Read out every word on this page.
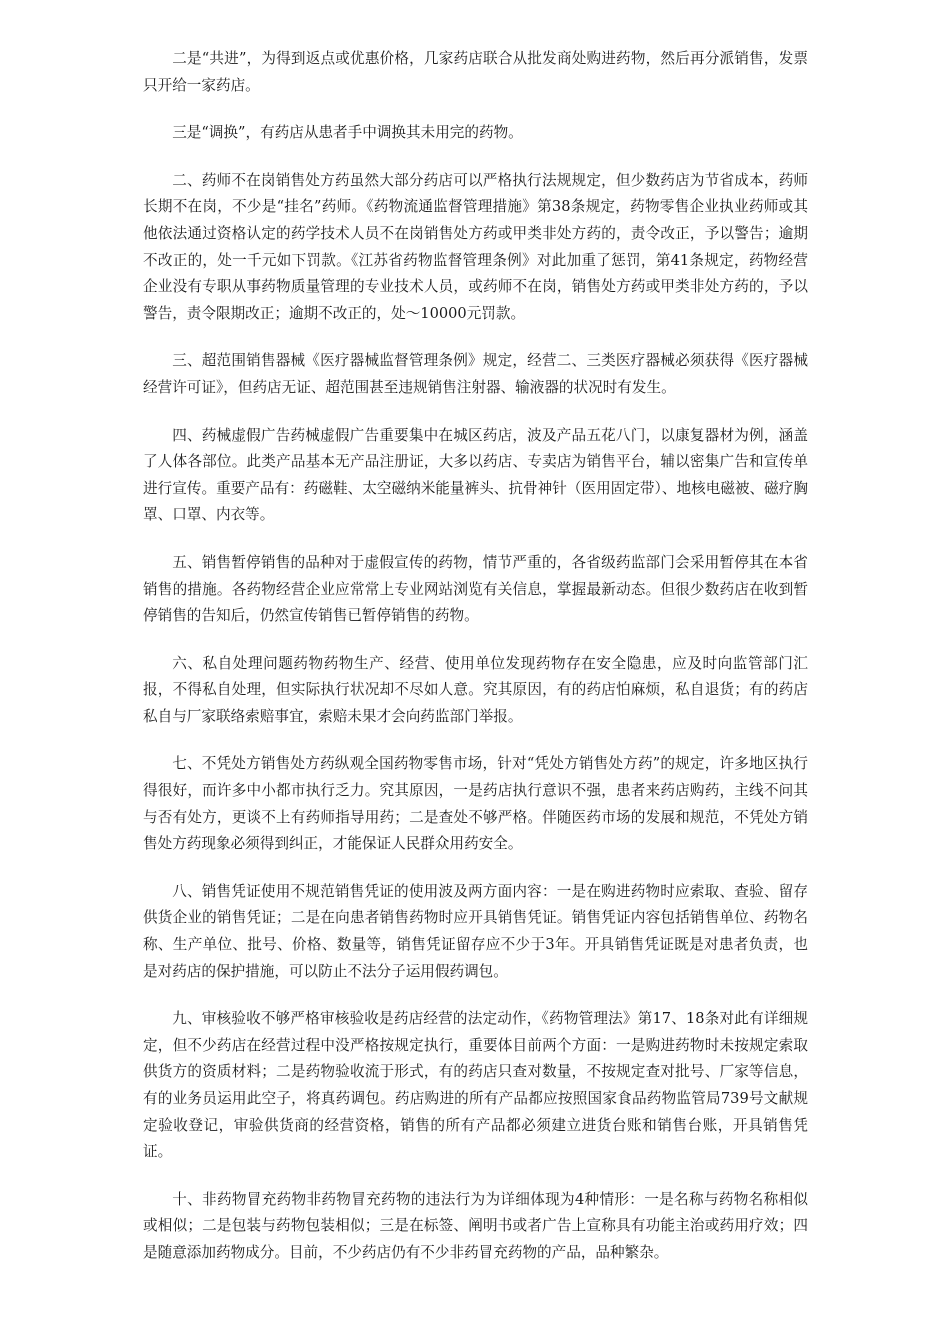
二是“共进”，为得到返点或优惠价格，几家药店联合从批发商处购进药物，然后再分派销售，发票只开给一家药店。

三是“调换”，有药店从患者手中调换其未用完的药物。

二、药师不在岗销售处方药虽然大部分药店可以严格执行法规规定，但少数药店为节省成本，药师长期不在岗，不少是“挂名”药师。《药物流通监督管理措施》第38条规定，药物零售企业执业药师或其他依法通过资格认定的药学技术人员不在岗销售处方药或甲类非处方药的，责令改正，予以警告；逾期不改正的，处一千元如下罚款。《江苏省药物监督管理条例》对此加重了惩罚，第41条规定，药物经营企业没有专职从事药物质量管理的专业技术人员，或药师不在岗，销售处方药或甲类非处方药的，予以警告，责令限期改正；逾期不改正的，处～10000元罚款。

三、超范围销售器械《医疗器械监督管理条例》规定，经营二、三类医疗器械必须获得《医疗器械经营许可证》，但药店无证、超范围甚至违规销售注射器、输液器的状况时有发生。

四、药械虚假广告药械虚假广告重要集中在城区药店，波及产品五花八门，以康复器材为例，涵盖了人体各部位。此类产品基本无产品注册证，大多以药店、专卖店为销售平台，辅以密集广告和宣传单进行宣传。重要产品有：药磁鞋、太空磁纳米能量裤头、抗骨神针（医用固定带）、地核电磁被、磁疗胸罩、口罩、内衣等。

五、销售暂停销售的品种对于虚假宣传的药物，情节严重的，各省级药监部门会采用暂停其在本省销售的措施。各药物经营企业应常常上专业网站浏览有关信息，掌握最新动态。但很少数药店在收到暂停销售的告知后，仍然宣传销售已暂停销售的药物。

六、私自处理问题药物药物生产、经营、使用单位发现药物存在安全隐患，应及时向监管部门汇报，不得私自处理，但实际执行状况却不尽如人意。究其原因，有的药店怕麻烦，私自退货；有的药店私自与厂家联络索赔事宜，索赔未果才会向药监部门举报。

七、不凭处方销售处方药纵观全国药物零售市场，针对“凭处方销售处方药”的规定，许多地区执行得很好，而许多中小都市执行乏力。究其原因，一是药店执行意识不强，患者来药店购药，主线不问其与否有处方，更谈不上有药师指导用药；二是查处不够严格。伴随医药市场的发展和规范，不凭处方销售处方药现象必须得到纠正，才能保证人民群众用药安全。

八、销售凭证使用不规范销售凭证的使用波及两方面内容：一是在购进药物时应索取、查验、留存供货企业的销售凭证；二是在向患者销售药物时应开具销售凭证。销售凭证内容包括销售单位、药物名称、生产单位、批号、价格、数量等，销售凭证留存应不少于3年。开具销售凭证既是对患者负责，也是对药店的保护措施，可以防止不法分子运用假药调包。

九、审核验收不够严格审核验收是药店经营的法定动作，《药物管理法》第17、18条对此有详细规定，但不少药店在经营过程中没严格按规定执行，重要体目前两个方面：一是购进药物时未按规定索取供货方的资质材料；二是药物验收流于形式，有的药店只查对数量，不按规定查对批号、厂家等信息，有的业务员运用此空子，将真药调包。药店购进的所有产品都应按照国家食品药物监管局739号文献规定验收登记，审验供货商的经营资格，销售的所有产品都必须建立进货台账和销售台账，开具销售凭证。

十、非药物冒充药物非药物冒充药物的违法行为为详细体现为4种情形：一是名称与药物名称相似或相似；二是包装与药物包装相似；三是在标签、阐明书或者广告上宣称具有功能主治或药用疗效；四是随意添加药物成分。目前，不少药店仍有不少非药冒充药物的产品，品种繁杂。
